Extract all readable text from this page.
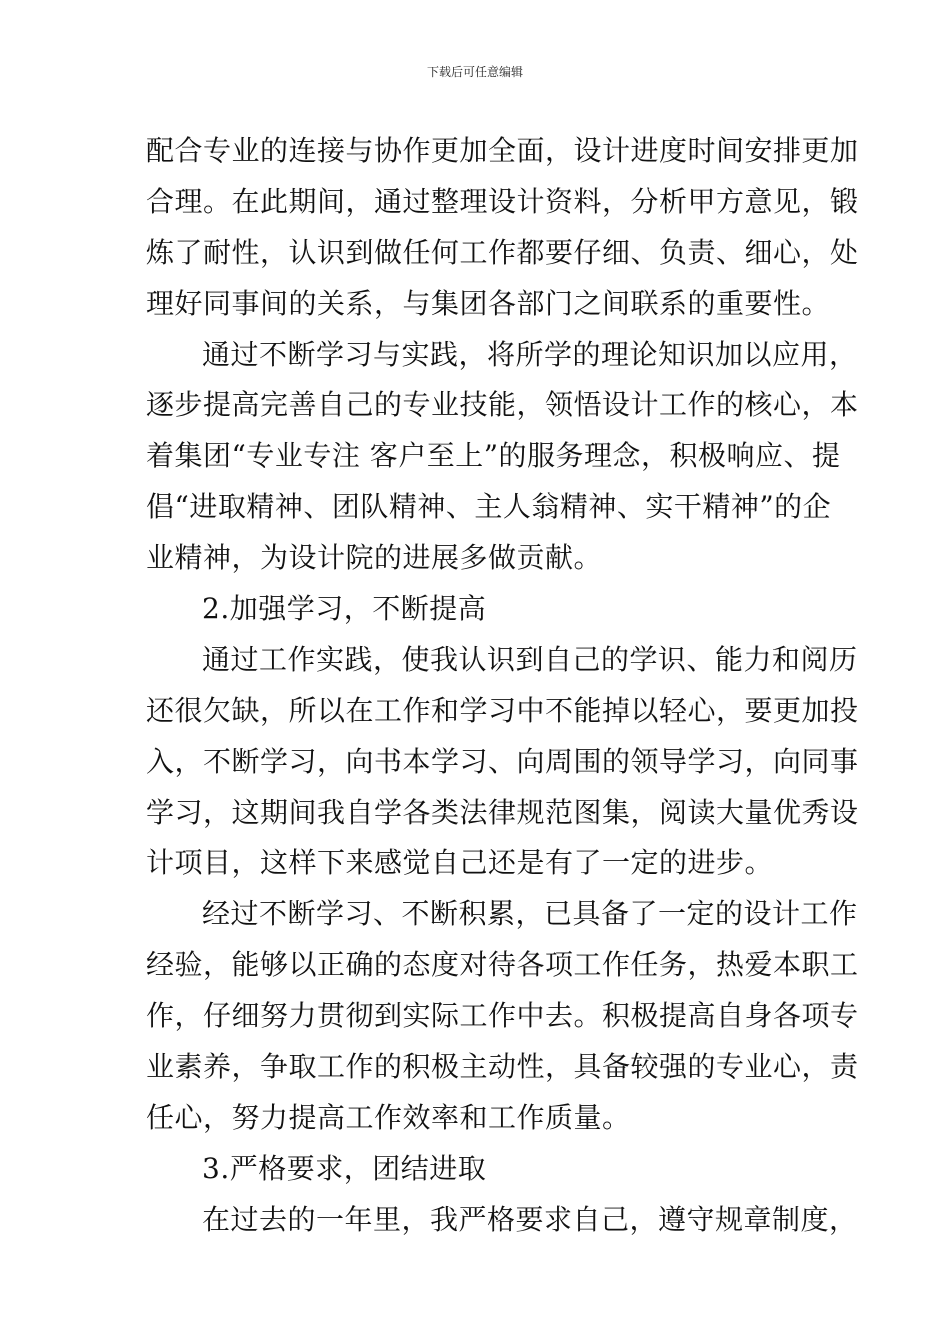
下载后可任意编辑
配合专业的连接与协作更加全面，设计进度时间安排更加
合理。在此期间，通过整理设计资料，分析甲方意见，锻
炼了耐性，认识到做任何工作都要仔细、负责、细心，处
理好同事间的关系，与集团各部门之间联系的重要性。
通过不断学习与实践，将所学的理论知识加以应用，
逐步提高完善自己的专业技能，领悟设计工作的核心，本
着集团“专业专注 客户至上”的服务理念，积极响应、提
倡“进取精神、团队精神、主人翁精神、实干精神”的企
业精神，为设计院的进展多做贡献。
2.加强学习，不断提高
通过工作实践，使我认识到自己的学识、能力和阅历
还很欠缺，所以在工作和学习中不能掉以轻心，要更加投
入，不断学习，向书本学习、向周围的领导学习，向同事
学习，这期间我自学各类法律规范图集，阅读大量优秀设
计项目，这样下来感觉自己还是有了一定的进步。
经过不断学习、不断积累，已具备了一定的设计工作
经验，能够以正确的态度对待各项工作任务，热爱本职工
作，仔细努力贯彻到实际工作中去。积极提高自身各项专
业素养，争取工作的积极主动性，具备较强的专业心，责
任心，努力提高工作效率和工作质量。
3.严格要求，团结进取
在过去的一年里，我严格要求自己，遵守规章制度，
